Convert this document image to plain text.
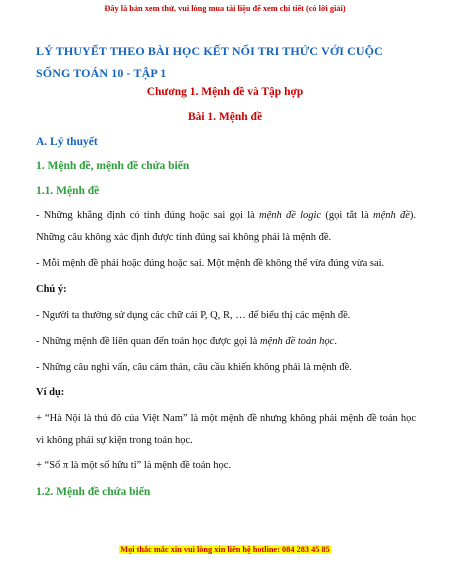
Đây là bản xem thử, vui lòng mua tài liệu để xem chi tiết (có lời giải)
LÝ THUYẾT THEO BÀI HỌC KẾT NỐI TRI THỨC VỚI CUỘC SỐNG TOÁN 10 - TẬP 1
Chương 1. Mệnh đề và Tập hợp
Bài 1. Mệnh đề
A. Lý thuyết
1. Mệnh đề, mệnh đề chứa biến
1.1. Mệnh đề
- Những khẳng định có tính đúng hoặc sai gọi là mệnh đề logic (gọi tắt là mệnh đề). Những câu không xác định được tính đúng sai không phải là mệnh đề.
- Mỗi mệnh đề phải hoặc đúng hoặc sai. Một mệnh đề không thể vừa đúng vừa sai.
Chú ý:
- Người ta thường sử dụng các chữ cái P, Q, R, … để biểu thị các mệnh đề.
- Những mệnh đề liên quan đến toán học được gọi là mệnh đề toán học.
- Những câu nghi vấn, câu cảm thán, câu cầu khiến không phải là mệnh đề.
Ví dụ:
+ “Hà Nội là thủ đô của Việt Nam” là một mệnh đề nhưng không phải mệnh đề toán học vì không phải sự kiện trong toán học.
+ “Số π là một số hữu tỉ” là mệnh đề toán học.
1.2. Mệnh đề chứa biến
Mọi thắc mắc xin vui lòng xin liên hệ hotline: 084 283 45 85
